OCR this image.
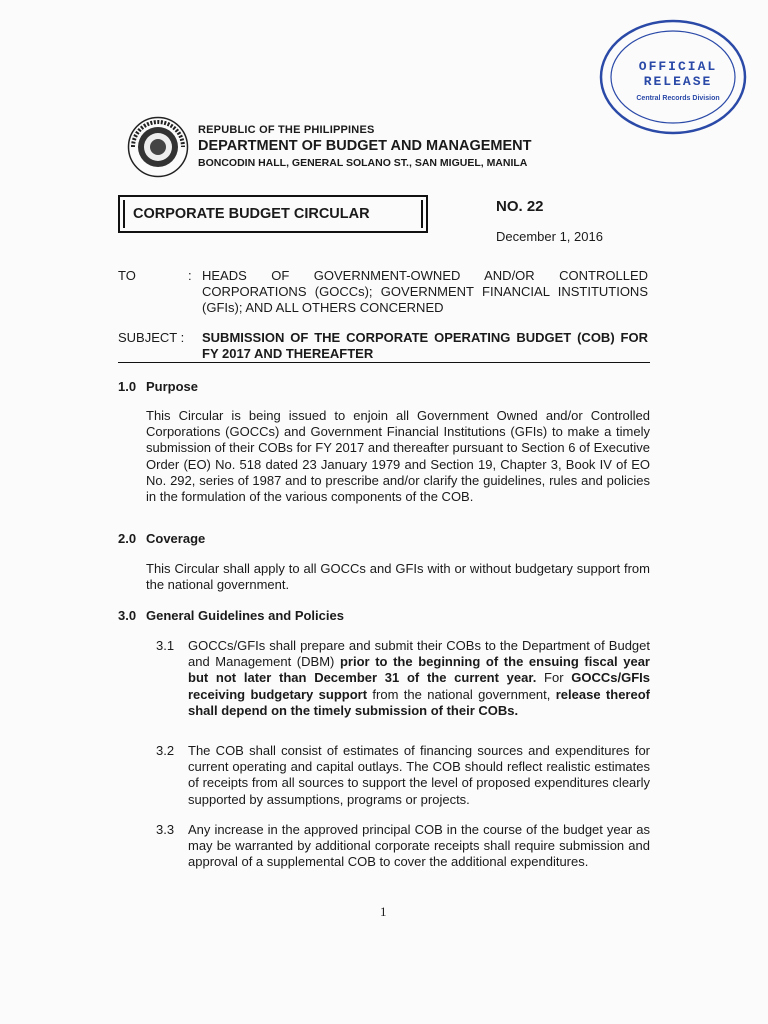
REPUBLIC OF THE PHILIPPINES
DEPARTMENT OF BUDGET AND MANAGEMENT
BONCODIN HALL, GENERAL SOLANO ST., SAN MIGUEL, MANILA
OFFICIAL
RELEASE
Central Records Division
CORPORATE BUDGET CIRCULAR	NO. 22
December 1, 2016
TO	: HEADS OF GOVERNMENT-OWNED AND/OR CONTROLLED CORPORATIONS (GOCCs); GOVERNMENT FINANCIAL INSTITUTIONS (GFIs); AND ALL OTHERS CONCERNED
SUBJECT : SUBMISSION OF THE CORPORATE OPERATING BUDGET (COB) FOR FY 2017 AND THEREAFTER
1.0 Purpose
This Circular is being issued to enjoin all Government Owned and/or Controlled Corporations (GOCCs) and Government Financial Institutions (GFIs) to make a timely submission of their COBs for FY 2017 and thereafter pursuant to Section 6 of Executive Order (EO) No. 518 dated 23 January 1979 and Section 19, Chapter 3, Book IV of EO No. 292, series of 1987 and to prescribe and/or clarify the guidelines, rules and policies in the formulation of the various components of the COB.
2.0 Coverage
This Circular shall apply to all GOCCs and GFIs with or without budgetary support from the national government.
3.0 General Guidelines and Policies
3.1 GOCCs/GFIs shall prepare and submit their COBs to the Department of Budget and Management (DBM) prior to the beginning of the ensuing fiscal year but not later than December 31 of the current year. For GOCCs/GFIs receiving budgetary support from the national government, release thereof shall depend on the timely submission of their COBs.
3.2 The COB shall consist of estimates of financing sources and expenditures for current operating and capital outlays. The COB should reflect realistic estimates of receipts from all sources to support the level of proposed expenditures clearly supported by assumptions, programs or projects.
3.3 Any increase in the approved principal COB in the course of the budget year as may be warranted by additional corporate receipts shall require submission and approval of a supplemental COB to cover the additional expenditures.
1
